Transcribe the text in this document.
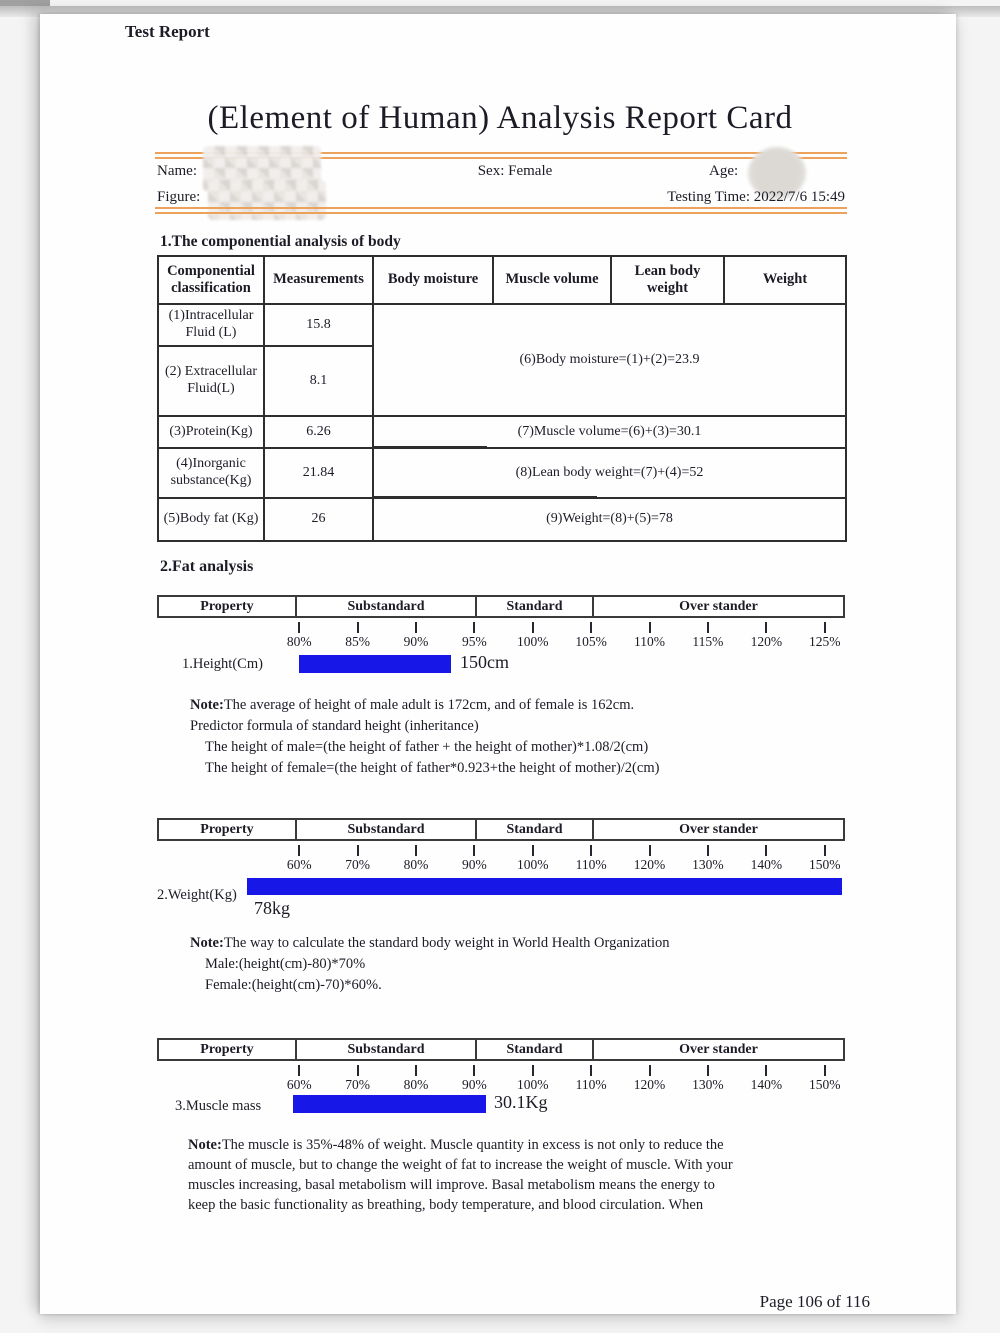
Test Report
(Element of Human) Analysis Report Card
Name:	Sex: Female	Age:
Figure:	Testing Time: 2022/7/6 15:49
1.The componential analysis of body
Componential classification	Measurements	Body moisture	Muscle volume	Lean body weight	Weight
(1)Intracellular Fluid (L)	15.8	(6)Body moisture=(1)+(2)=23.9			
(2) Extracellular Fluid(L)	8.1				
(3)Protein(Kg)	6.26	(7)Muscle volume=(6)+(3)=30.1			

(4)Inorganic substance(Kg)	21.84	(8)Lean body weight=(7)+(4)=52			

(5)Body fat (Kg)	26	(9)Weight=(8)+(5)=78			
2.Fat analysis
Property	Substandard	Standard	Over stander
80%	85%	90%	95%	100%	105%	110%	115%	120%	125%
1.Height(Cm)	150cm
Note:The average of height of male adult is 172cm, and of female is 162cm.
Predictor formula of standard height (inheritance)
The height of male=(the height of father + the height of mother)*1.08/2(cm)
The height of female=(the height of father*0.923+the height of mother)/2(cm)
Property	Substandard	Standard	Over stander
60%	70%	80%	90%	100%	110%	120%	130%	140%	150%
2.Weight(Kg)
78kg
Note:The way to calculate the standard body weight in World Health Organization
Male:(height(cm)-80)*70%
Female:(height(cm)-70)*60%.
Property	Substandard	Standard	Over stander
60%	70%	80%	90%	100%	110%	120%	130%	140%	150%
3.Muscle mass	30.1Kg
Note:The muscle is 35%-48% of weight. Muscle quantity in excess is not only to reduce the
amount of muscle, but to change the weight of fat to increase the weight of muscle. With your
muscles increasing, basal metabolism will improve. Basal metabolism means the energy to
keep the basic functionality as breathing, body temperature, and blood circulation. When
Page 106 of 116
